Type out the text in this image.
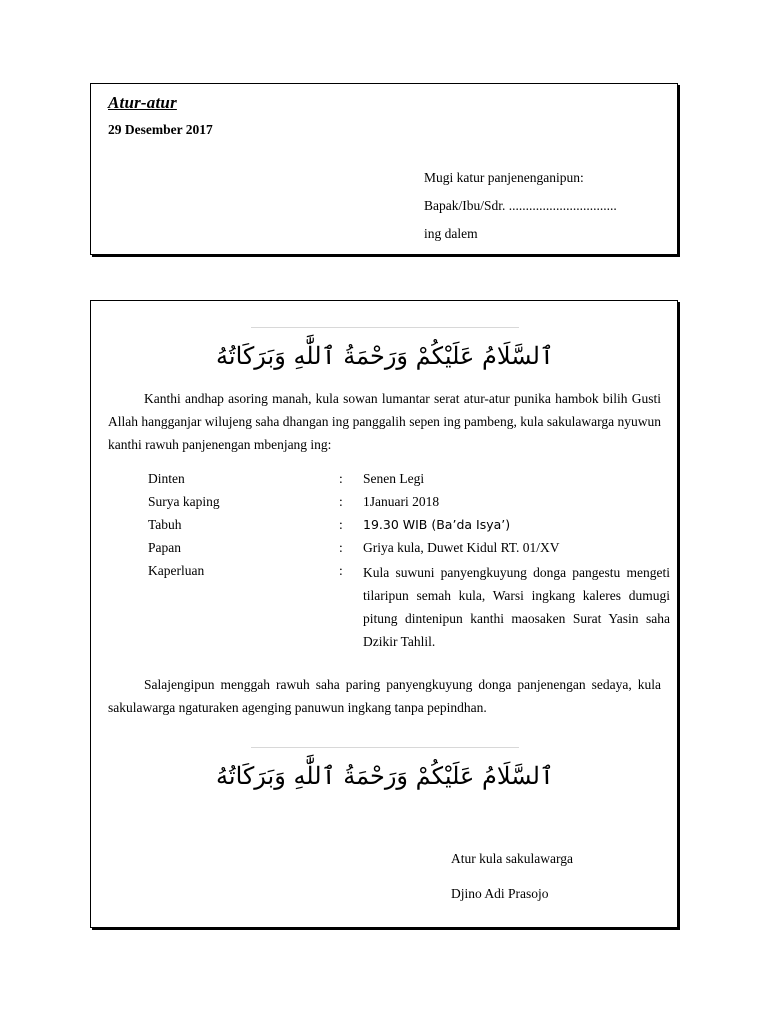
Atur-atur
29 Desember 2017
Mugi katur panjenenganipun:
Bapak/Ibu/Sdr. ................................
ing dalem
ٱلسَّلَامُ عَلَيْكُمْ وَرَحْمَةُ ٱللَّٰهِ وَبَرَكَاتُهُ

Kanthi andhap asoring manah, kula sowan lumantar serat atur-atur punika hambok bilih Gusti Allah hangganjar wilujeng saha dhangan ing panggalih sepen ing pambeng, kula sakulawarga nyuwun kanthi rawuh panjenengan mbenjang ing:

Dinten	: Senen Legi
Surya kaping	: 1Januari 2018
Tabuh	: 19.30 WIB (Ba’da Isya’)
Papan	: Griya kula, Duwet Kidul RT. 01/XV
Kaperluan	: Kula suwuni panyengkuyung donga pangestu mengeti tilaripun semah kula, Warsi ingkang kaleres dumugi pitung dintenipun kanthi maosaken Surat Yasin saha Dzikir Tahlil.

Salajengipun menggah rawuh saha paring panyengkuyung donga panjenengan sedaya, kula sakulawarga ngaturaken agenging panuwun ingkang tanpa pepindhan.

ٱلسَّلَامُ عَلَيْكُمْ وَرَحْمَةُ ٱللَّٰهِ وَبَرَكَاتُهُ
Atur kula sakulawarga
Djino Adi Prasojo
